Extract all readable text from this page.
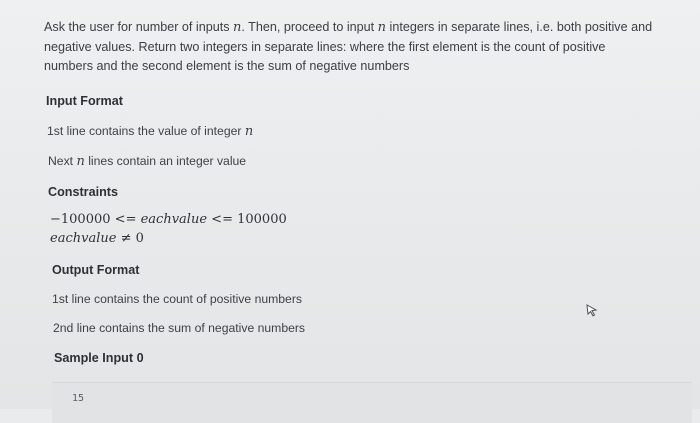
Ask the user for number of inputs n. Then, proceed to input n integers in separate lines, i.e. both positive and
negative values. Return two integers in separate lines: where the first element is the count of positive
numbers and the second element is the sum of negative numbers
Input Format
1st line contains the value of integer n
Next n lines contain an integer value
Constraints
−100000 <= eachvalue <= 100000
eachvalue ≠ 0
Output Format
1st line contains the count of positive numbers
2nd line contains the sum of negative numbers
Sample Input 0
15
